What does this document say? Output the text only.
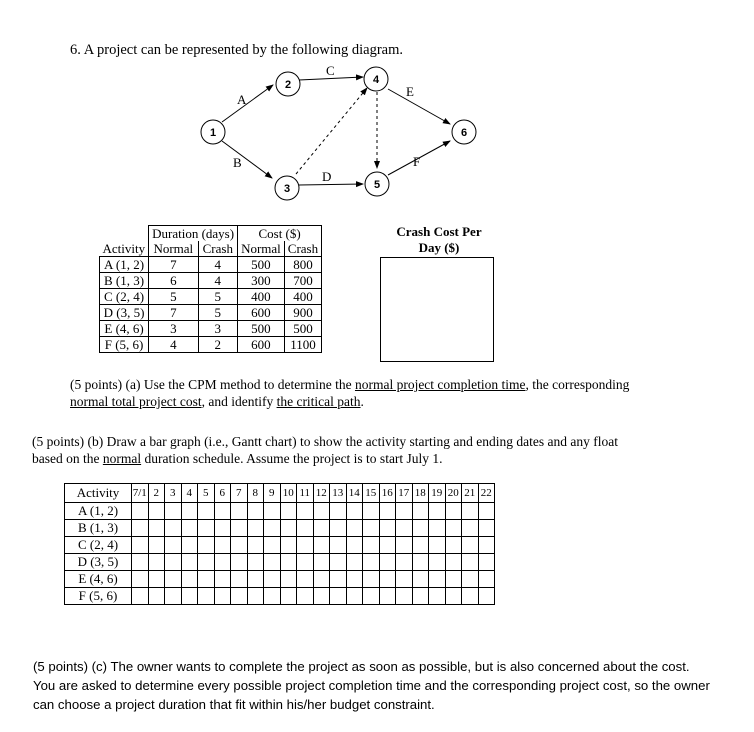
6. A project can be represented by the following diagram.
1
2
3
4
5
6
A
B
C
D
E
F
	Duration (days)		Cost ($)	
Activity	Normal	Crash	Normal	Crash
A (1, 2)	7	4	500	800
B (1, 3)	6	4	300	700
C (2, 4)	5	5	400	400
D (3, 5)	7	5	600	900
E (4, 6)	3	3	500	500
F (5, 6)	4	2	600	1100
Crash Cost Per Day ($)
(5 points) (a) Use the CPM method to determine the normal project completion time, the corresponding normal total project cost, and identify the critical path.
(5 points) (b) Draw a bar graph (i.e., Gantt chart) to show the activity starting and ending dates and any float based on the normal duration schedule. Assume the project is to start July 1.
Activity	7/1	2	3	4	5	6	7	8	9	10	11	12	13	14	15	16	17	18	19	20	21	22
A (1, 2)																						
B (1, 3)																						
C (2, 4)																						
D (3, 5)																						
E (4, 6)																						
F (5, 6)																						
(5 points) (c) The owner wants to complete the project as soon as possible, but is also concerned about the cost. You are asked to determine every possible project completion time and the corresponding project cost, so the owner can choose a project duration that fit within his/her budget constraint.
